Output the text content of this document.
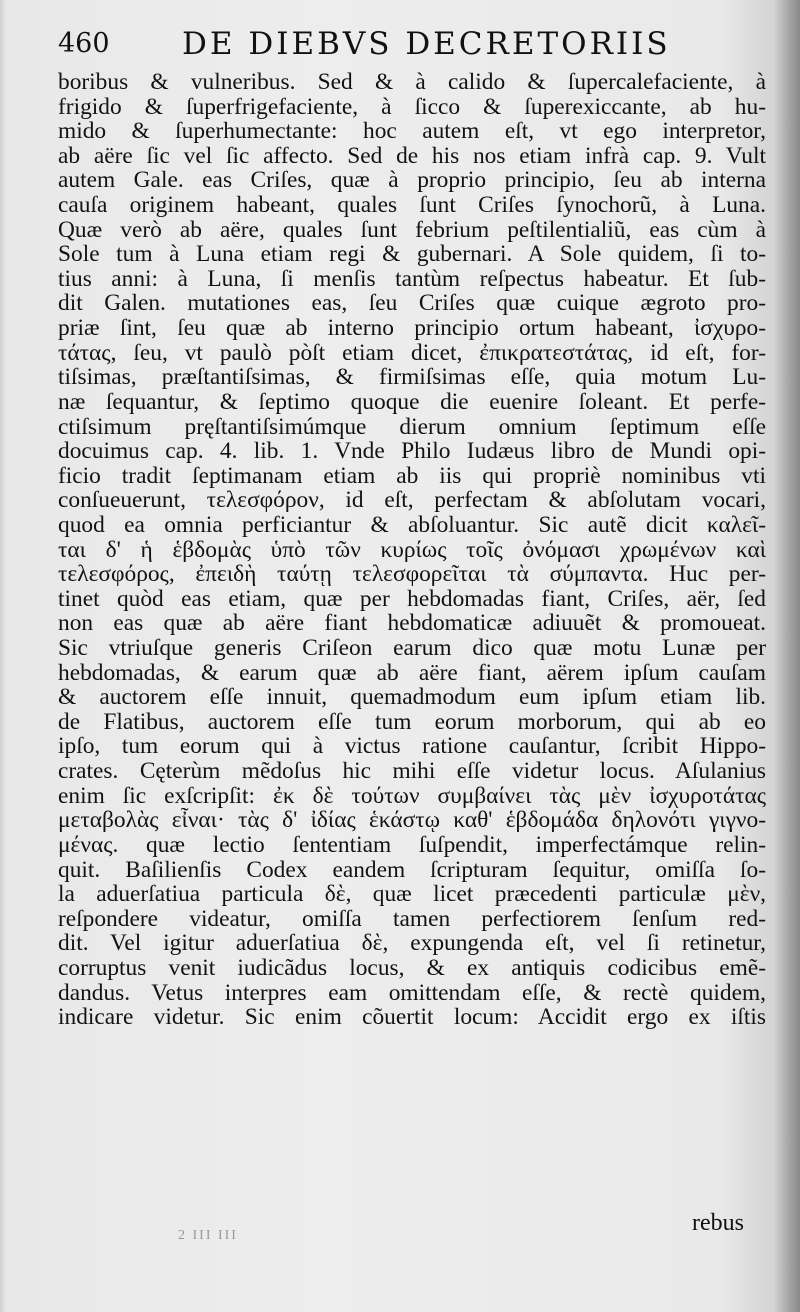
460 DE DIEBVS DECRETORIIS
boribus & vulneribus. Sed & à calido & ſupercalefaciente, à
frigido & ſuperfrigefaciente, à ſicco & ſuperexiccante, ab hu-
mido & ſuperhumectante: hoc autem eſt, vt ego interpretor,
ab aëre ſic vel ſic affecto. Sed de his nos etiam infrà cap. 9. Vult
autem Gale. eas Criſes, quæ à proprio principio, ſeu ab interna
cauſa originem habeant, quales ſunt Criſes ſynochorũ, à Luna.
Quæ verò ab aëre, quales ſunt febrium peſtilentialiũ, eas cùm à
Sole tum à Luna etiam regi & gubernari. A Sole quidem, ſi to-
tius anni: à Luna, ſi menſis tantùm reſpectus habeatur. Et ſub-
dit Galen. mutationes eas, ſeu Criſes quæ cuique ægroto pro-
priæ ſint, ſeu quæ ab interno principio ortum habeant, ἰσχυρο-
τάτας, ſeu, vt paulò pòſt etiam dicet, ἐπικρατεστάτας, id eſt, for-
tiſsimas, præſtantiſsimas, & firmiſsimas eſſe, quia motum Lu-
næ ſequantur, & ſeptimo quoque die euenire ſoleant. Et perfe-
ctiſsimum pręſtantiſsimúmque dierum omnium ſeptimum eſſe
docuimus cap. 4. lib. 1. Vnde Philo Iudæus libro de Mundi opi-
ficio tradit ſeptimanam etiam ab iis qui propriè nominibus vti
conſueuerunt, τελεσφόρον, id eſt, perfectam & abſolutam vocari,
quod ea omnia perficiantur & abſoluantur. Sic autẽ dicit καλεῖ-
ται δ' ἡ ἑβδομὰς ὑπὸ τῶν κυρίως τοῖς ὀνόμασι χρωμένων καὶ
τελεσφόρος, ἐπειδὴ ταύτῃ τελεσφορεῖται τὰ σύμπαντα. Huc per-
tinet quòd eas etiam, quæ per hebdomadas fiant, Criſes, aër, ſed
non eas quæ ab aëre fiant hebdomaticæ adiuuẽt & promoueat.
Sic vtriuſque generis Criſeon earum dico quæ motu Lunæ per
hebdomadas, & earum quæ ab aëre fiant, aërem ipſum cauſam
& auctorem eſſe innuit, quemadmodum eum ipſum etiam lib.
de Flatibus, auctorem eſſe tum eorum morborum, qui ab eo
ipſo, tum eorum qui à victus ratione cauſantur, ſcribit Hippo-
crates. Cęterùm mẽdoſus hic mihi eſſe videtur locus. Aſulanius
enim ſic exſcripſit: ἐκ δὲ τούτων συμβαίνει τὰς μὲν ἰσχυροτάτας
μεταβολὰς εἶναι· τὰς δ' ἰδίας ἑκάστῳ καθ' ἑβδομάδα δηλονότι γιγνο-
μένας. quæ lectio ſententiam ſuſpendit, imperfectámque relin-
quit. Baſilienſis Codex eandem ſcripturam ſequitur, omiſſa ſo-
la aduerſatiua particula δὲ, quæ licet præcedenti particulæ μὲν,
reſpondere videatur, omiſſa tamen perfectiorem ſenſum red-
dit. Vel igitur aduerſatiua δὲ, expungenda eſt, vel ſi retinetur,
corruptus venit iudicãdus locus, & ex antiquis codicibus emẽ-
dandus. Vetus interpres eam omittendam eſſe, & rectè quidem,
indicare videtur. Sic enim cõuertit locum: Accidit ergo ex iſtis
2 III III	rebus
